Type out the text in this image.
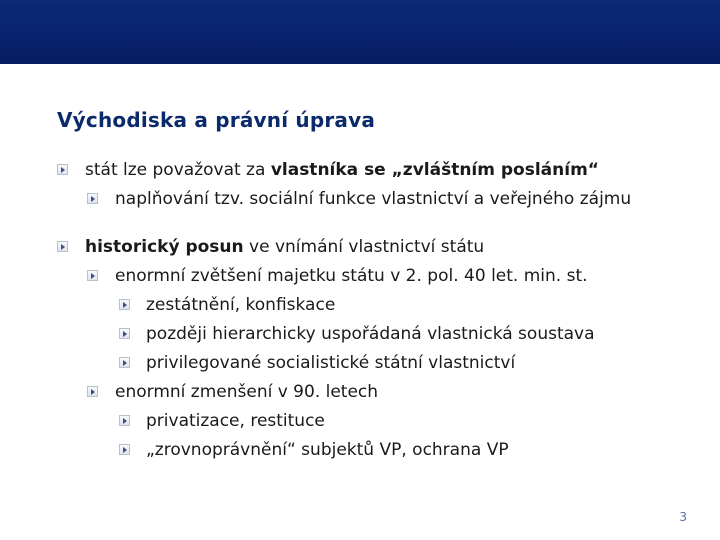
Východiska a právní úprava
stát lze považovat za vlastníka se „zvláštním posláním“
naplňování tzv. sociální funkce vlastnictví a veřejného zájmu
historický posun ve vnímání vlastnictví státu
enormní zvětšení majetku státu v 2. pol. 40 let. min. st.
zestátnění, konfiskace
později hierarchicky uspořádaná vlastnická soustava
privilegované socialistické státní vlastnictví
enormní zmenšení v 90. letech
privatizace, restituce
„zrovnoprávnění“ subjektů VP, ochrana VP
3
